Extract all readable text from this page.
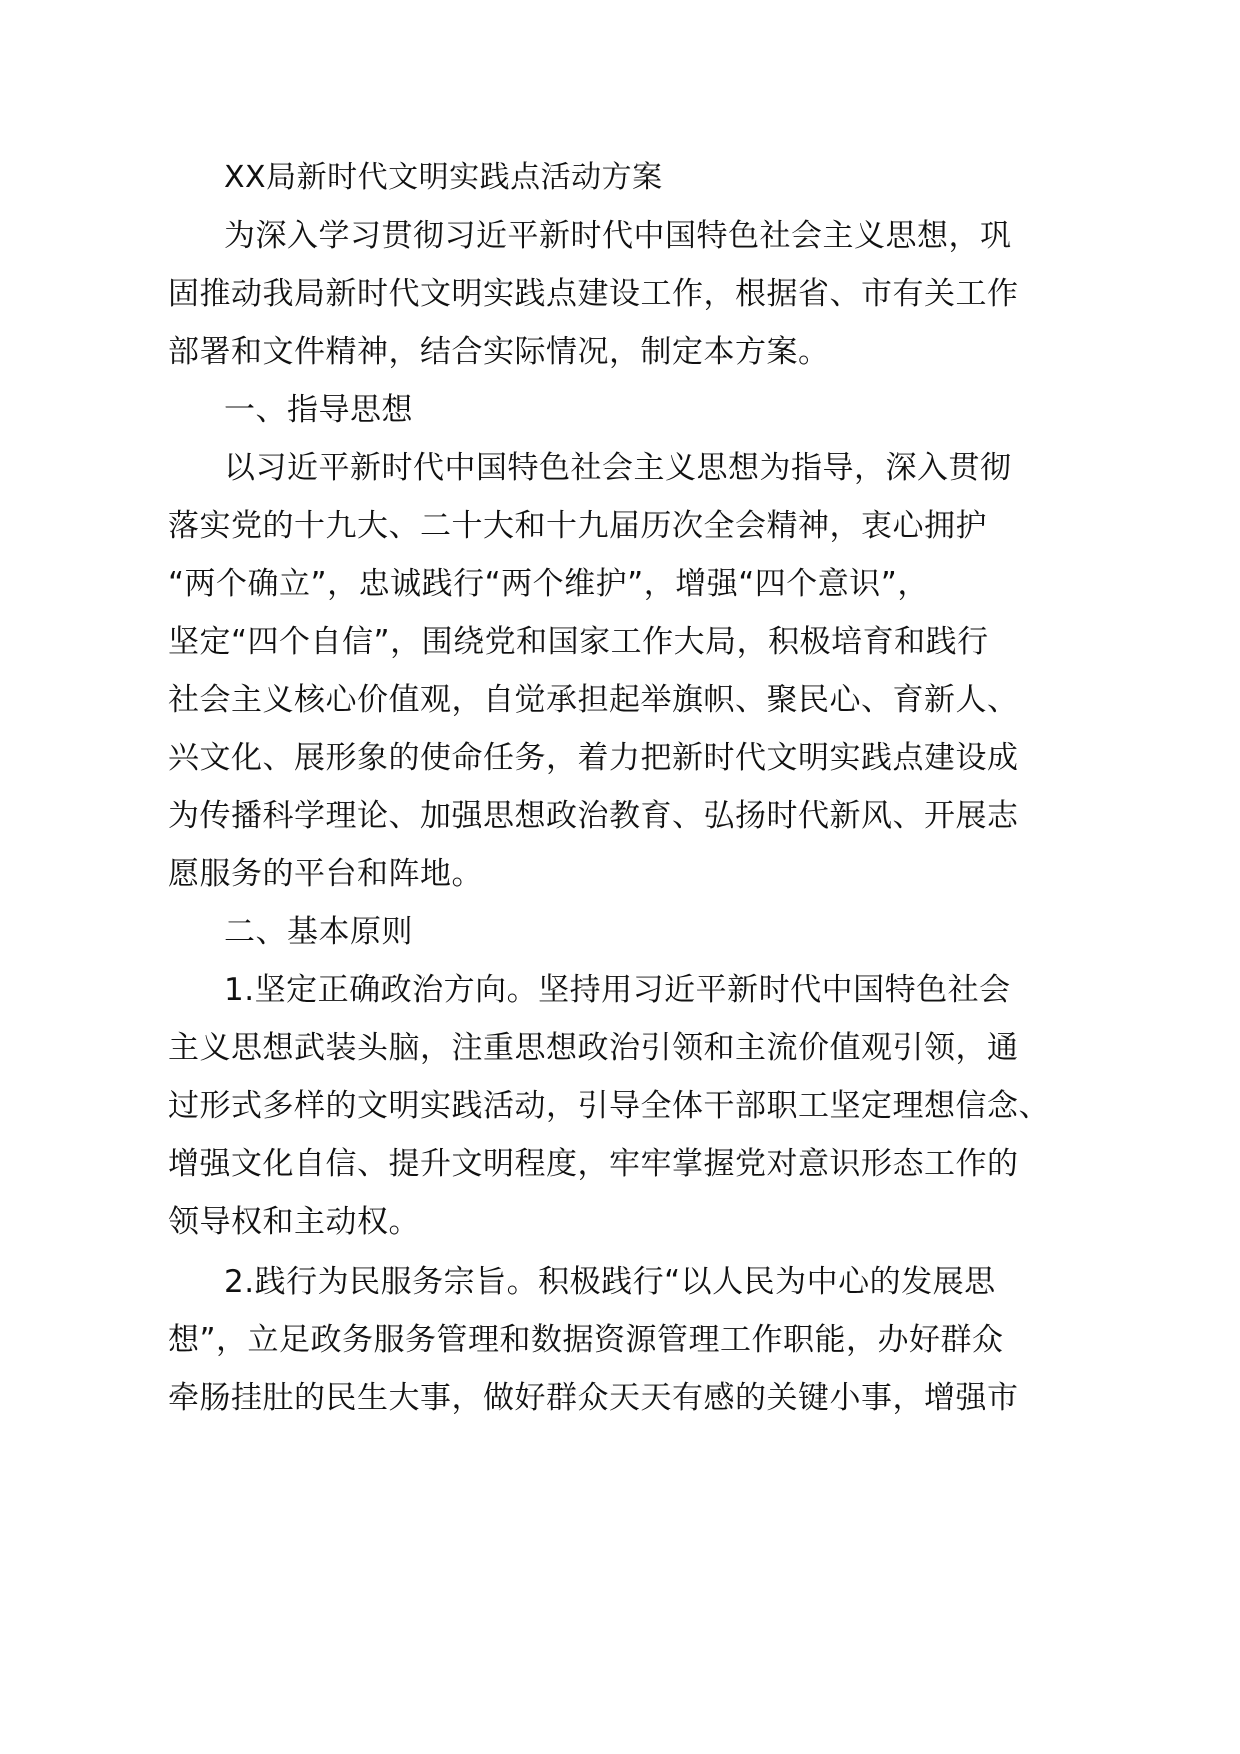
XX局新时代文明实践点活动方案
为深入学习贯彻习近平新时代中国特色社会主义思想，巩
固推动我局新时代文明实践点建设工作，根据省、市有关工作
部署和文件精神，结合实际情况，制定本方案。
一、指导思想
以习近平新时代中国特色社会主义思想为指导，深入贯彻
落实党的十九大、二十大和十九届历次全会精神，衷心拥护
“两个确立”，忠诚践行“两个维护”，增强“四个意识”，
坚定“四个自信”，围绕党和国家工作大局，积极培育和践行
社会主义核心价值观，自觉承担起举旗帜、聚民心、育新人、
兴文化、展形象的使命任务，着力把新时代文明实践点建设成
为传播科学理论、加强思想政治教育、弘扬时代新风、开展志
愿服务的平台和阵地。
二、基本原则
1.坚定正确政治方向。坚持用习近平新时代中国特色社会
主义思想武装头脑，注重思想政治引领和主流价值观引领，通
过形式多样的文明实践活动，引导全体干部职工坚定理想信念、
增强文化自信、提升文明程度，牢牢掌握党对意识形态工作的
领导权和主动权。
2.践行为民服务宗旨。积极践行“以人民为中心的发展思
想”，立足政务服务管理和数据资源管理工作职能，办好群众
牵肠挂肚的民生大事，做好群众天天有感的关键小事，增强市
